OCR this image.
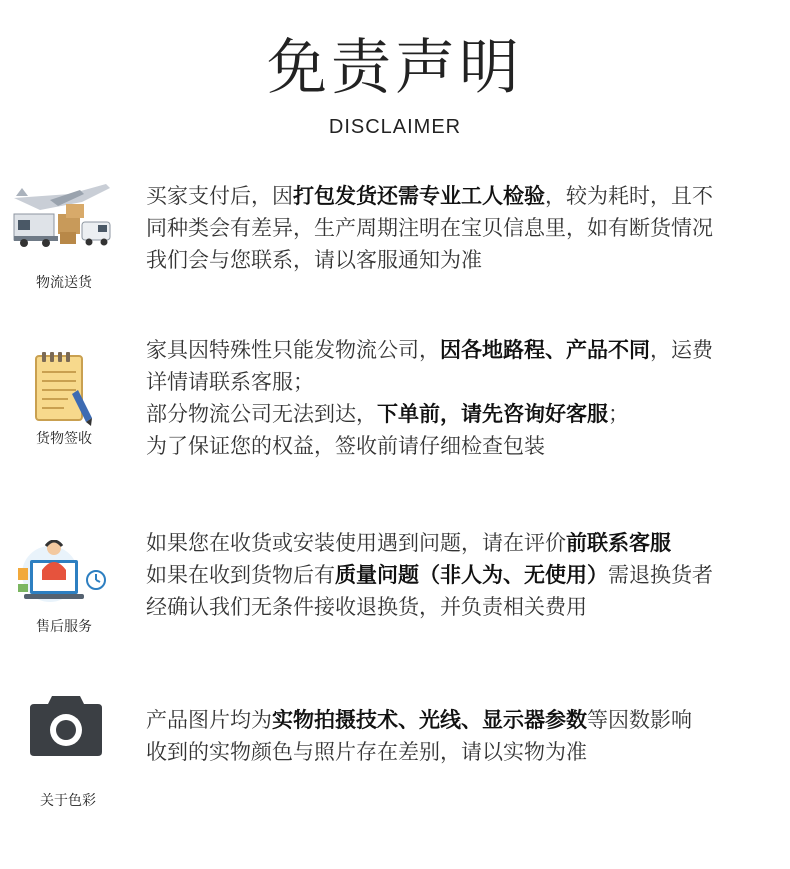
免责声明
DISCLAIMER
物流送货

买家支付后，因打包发货还需专业工人检验，较为耗时，且不

同种类会有差异，生产周期注明在宝贝信息里，如有断货情况

我们会与您联系，请以客服通知为准

货物签收

家具因特殊性只能发物流公司，因各地路程、产品不同，运费

详情请联系客服；

部分物流公司无法到达，下单前，请先咨询好客服；

为了保证您的权益，签收前请仔细检查包装

售后服务

如果您在收货或安装使用遇到问题，请在评价前联系客服

如果在收到货物后有质量问题（非人为、无使用）需退换货者

经确认我们无条件接收退换货，并负责相关费用

关于色彩

产品图片均为实物拍摄技术、光线、显示器参数等因数影响

收到的实物颜色与照片存在差别，请以实物为准
